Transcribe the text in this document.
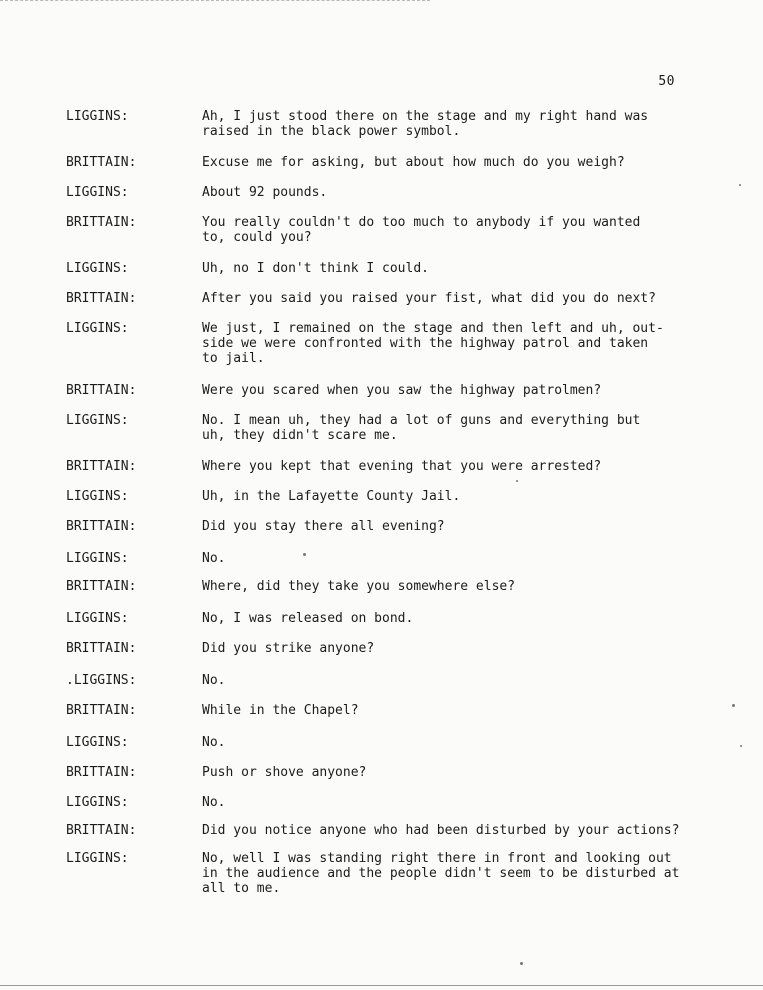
50
LIGGINS:	Ah, I just stood there on the stage and my right hand was
raised in the black power symbol.
BRITTAIN:	Excuse me for asking, but about how much do you weigh?
LIGGINS:	About 92 pounds.
BRITTAIN:	You really couldn't do too much to anybody if you wanted
to, could you?
LIGGINS:	Uh, no I don't think I could.
BRITTAIN:	After you said you raised your fist, what did you do next?
LIGGINS:	We just, I remained on the stage and then left and uh, out-
side we were confronted with the highway patrol and taken
to jail.
BRITTAIN:	Were you scared when you saw the highway patrolmen?
LIGGINS:	No. I mean uh, they had a lot of guns and everything but
uh, they didn't scare me.
BRITTAIN:	Where you kept that evening that you were arrested?
LIGGINS:	Uh, in the Lafayette County Jail.
BRITTAIN:	Did you stay there all evening?
LIGGINS:	No.
BRITTAIN:	Where, did they take you somewhere else?
LIGGINS:	No, I was released on bond.
BRITTAIN:	Did you strike anyone?
.LIGGINS:	No.
BRITTAIN:	While in the Chapel?
LIGGINS:	No.
BRITTAIN:	Push or shove anyone?
LIGGINS:	No.
BRITTAIN:	Did you notice anyone who had been disturbed by your actions?
LIGGINS:	No, well I was standing right there in front and looking out
in the audience and the people didn't seem to be disturbed at
all to me.
